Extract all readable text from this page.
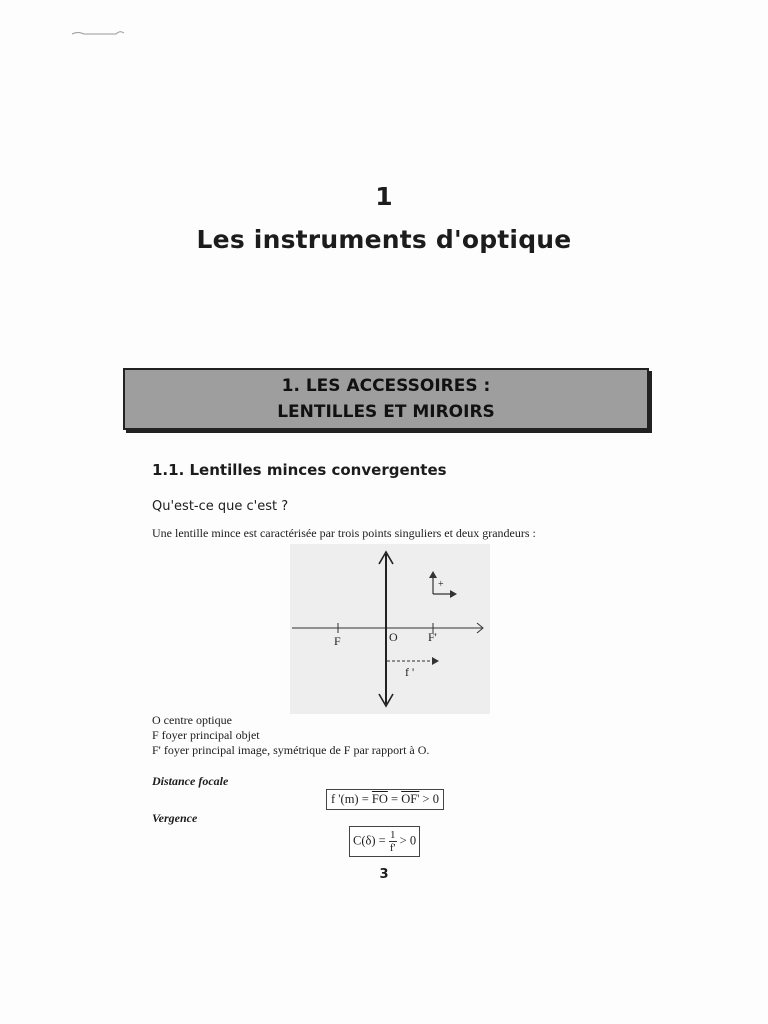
1
Les instruments d'optique
1. LES ACCESSOIRES :
LENTILLES ET MIROIRS
1.1. Lentilles minces convergentes
Qu'est-ce que c'est ?
Une lentille mince est caractérisée par trois points singuliers et deux grandeurs :
F	O	F'
f '
+
O centre optique
F foyer principal objet
F' foyer principal image, symétrique de F par rapport à O.
Distance focale
f '$(m) = \overline{FO} = OF' > 0$
Vergence
$C(\delta) = \frac{1}{f'} > 0$
3
